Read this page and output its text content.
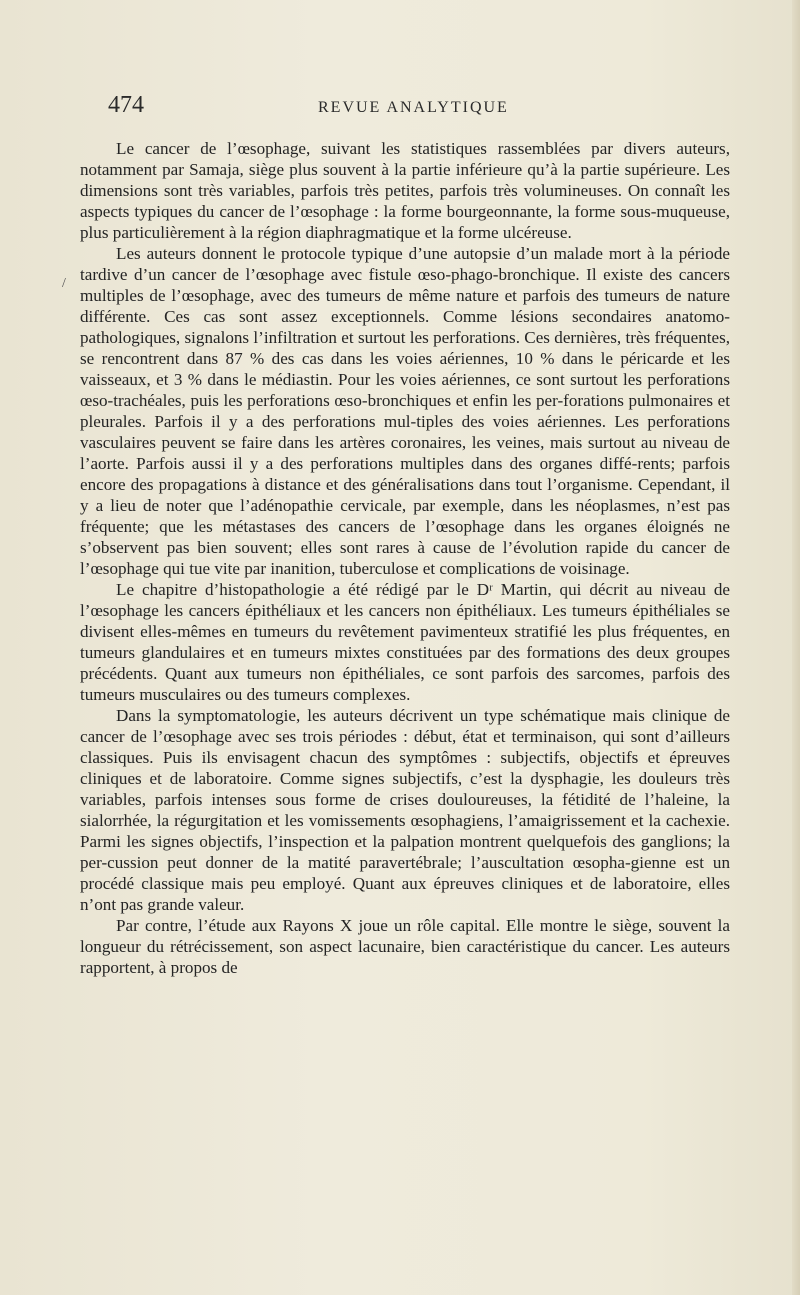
474	REVUE ANALYTIQUE
/

Le cancer de l’œsophage, suivant les statistiques rassemblées par divers auteurs, notamment par Samaja, siège plus souvent à la partie inférieure qu’à la partie supérieure. Les dimensions sont très variables, parfois très petites, parfois très volumineuses. On connaît les aspects typiques du cancer de l’œsophage : la forme bourgeonnante, la forme sous-muqueuse, plus particulièrement à la région diaphragmatique et la forme ulcéreuse.

Les auteurs donnent le protocole typique d’une autopsie d’un malade mort à la période tardive d’un cancer de l’œsophage avec fistule œso-phago-bronchique. Il existe des cancers multiples de l’œsophage, avec des tumeurs de même nature et parfois des tumeurs de nature différente. Ces cas sont assez exceptionnels. Comme lésions secondaires anatomo-pathologiques, signalons l’infiltration et surtout les perforations. Ces dernières, très fréquentes, se rencontrent dans 87 % des cas dans les voies aériennes, 10 % dans le péricarde et les vaisseaux, et 3 % dans le médiastin. Pour les voies aériennes, ce sont surtout les perforations œso-trachéales, puis les perforations œso-bronchiques et enfin les per-forations pulmonaires et pleurales. Parfois il y a des perforations mul-tiples des voies aériennes. Les perforations vasculaires peuvent se faire dans les artères coronaires, les veines, mais surtout au niveau de l’aorte. Parfois aussi il y a des perforations multiples dans des organes diffé-rents; parfois encore des propagations à distance et des généralisations dans tout l’organisme. Cependant, il y a lieu de noter que l’adénopathie cervicale, par exemple, dans les néoplasmes, n’est pas fréquente; que les métastases des cancers de l’œsophage dans les organes éloignés ne s’observent pas bien souvent; elles sont rares à cause de l’évolution rapide du cancer de l’œsophage qui tue vite par inanition, tuberculose et complications de voisinage.

Le chapitre d’histopathologie a été rédigé par le Dʳ Martin, qui décrit au niveau de l’œsophage les cancers épithéliaux et les cancers non épithéliaux. Les tumeurs épithéliales se divisent elles-mêmes en tumeurs du revêtement pavimenteux stratifié les plus fréquentes, en tumeurs glandulaires et en tumeurs mixtes constituées par des formations des deux groupes précédents. Quant aux tumeurs non épithéliales, ce sont parfois des sarcomes, parfois des tumeurs musculaires ou des tumeurs complexes.

Dans la symptomatologie, les auteurs décrivent un type schématique mais clinique de cancer de l’œsophage avec ses trois périodes : début, état et terminaison, qui sont d’ailleurs classiques. Puis ils envisagent chacun des symptômes : subjectifs, objectifs et épreuves cliniques et de laboratoire. Comme signes subjectifs, c’est la dysphagie, les douleurs très variables, parfois intenses sous forme de crises douloureuses, la fétidité de l’haleine, la sialorrhée, la régurgitation et les vomissements œsophagiens, l’amaigrissement et la cachexie. Parmi les signes objectifs, l’inspection et la palpation montrent quelquefois des ganglions; la per-cussion peut donner de la matité paravertébrale; l’auscultation œsopha-gienne est un procédé classique mais peu employé. Quant aux épreuves cliniques et de laboratoire, elles n’ont pas grande valeur.

Par contre, l’étude aux Rayons X joue un rôle capital. Elle montre le siège, souvent la longueur du rétrécissement, son aspect lacunaire, bien caractéristique du cancer. Les auteurs rapportent, à propos de
